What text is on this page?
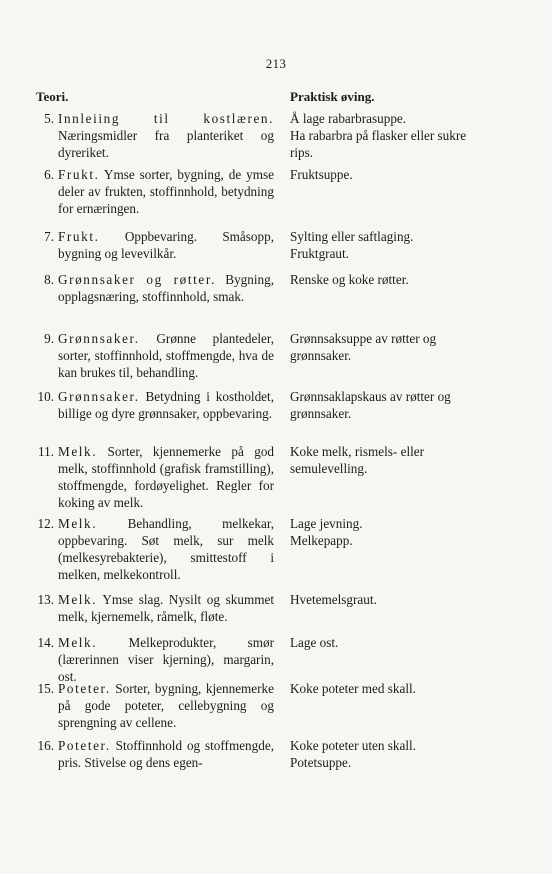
213
Teori.	Praktisk øving.
5. Innleiing til kostlæren. Næringsmidler fra planteriket og dyreriket.
Å lage rabarbrasuppe.
Ha rabarbra på flasker eller sukre rips.
6. Frukt. Ymse sorter, bygning, de ymse deler av frukten, stoffinnhold, betydning for ernæringen.
Fruktsuppe.
7. Frukt. Oppbevaring. Småsopp, bygning og levevilkår.
Sylting eller saftlaging.
Fruktgraut.
8. Grønnsaker og røtter. Bygning, opplagsnæring, stoffinnhold, smak.
Renske og koke røtter.
9. Grønnsaker. Grønne plantedeler, sorter, stoffinnhold, stoffmengde, hva de kan brukes til, behandling.
Grønnsaksuppe av røtter og grønnsaker.
10. Grønnsaker. Betydning i kostholdet, billige og dyre grønnsaker, oppbevaring.
Grønnsaklapskaus av røtter og grønnsaker.
11. Melk. Sorter, kjennemerke på god melk, stoffinnhold (grafisk framstilling), stoffmengde, fordøyelighet. Regler for koking av melk.
Koke melk, rismels- eller semulevelling.
12. Melk. Behandling, melkekar, oppbevaring. Søt melk, sur melk (melkesyrebakterie), smittestoff i melken, melkekontroll.
Lage jevning.
Melkepapp.
13. Melk. Ymse slag. Nysilt og skummet melk, kjernemelk, råmelk, fløte.
Hvetemelsgraut.
14. Melk. Melkeprodukter, smør (lærerinnen viser kjerning), margarin, ost.
Lage ost.
15. Poteter. Sorter, bygning, kjennemerke på gode poteter, cellebygning og sprengning av cellene.
Koke poteter med skall.
16. Poteter. Stoffinnhold og stoffmengde, pris. Stivelse og dens egen-
Koke poteter uten skall.
Potetsuppe.
